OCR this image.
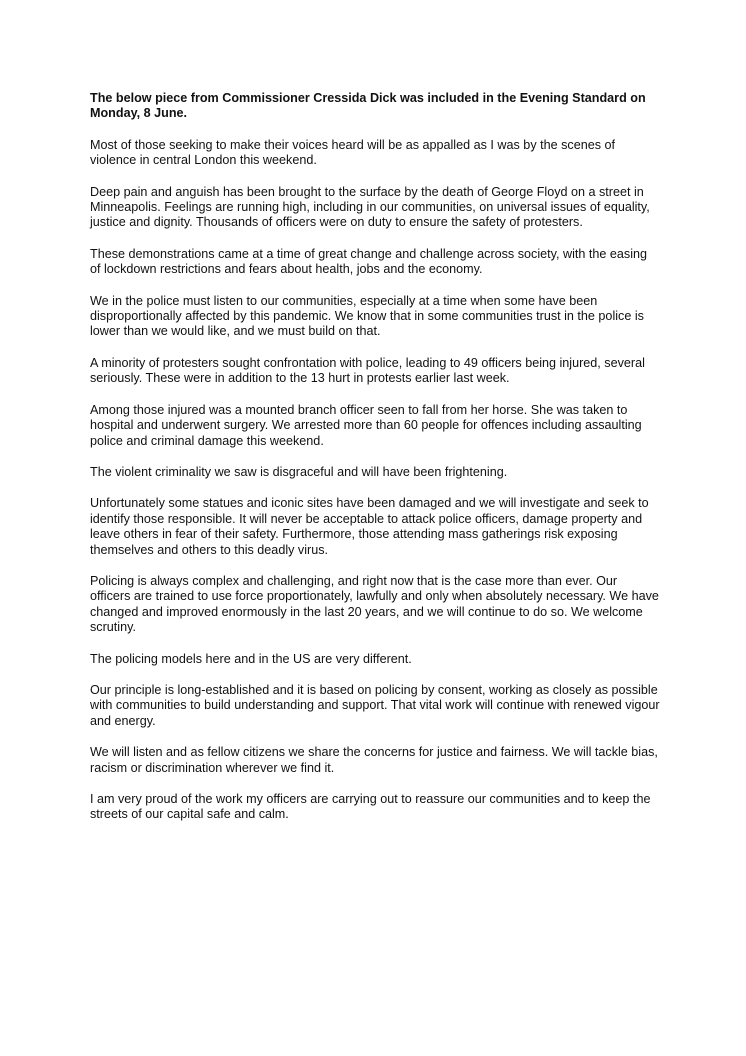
The below piece from Commissioner Cressida Dick was included in the Evening Standard on Monday, 8 June.

Most of those seeking to make their voices heard will be as appalled as I was by the scenes of violence in central London this weekend.

Deep pain and anguish has been brought to the surface by the death of George Floyd on a street in Minneapolis. Feelings are running high, including in our communities, on universal issues of equality, justice and dignity. Thousands of officers were on duty to ensure the safety of protesters.

These demonstrations came at a time of great change and challenge across society, with the easing of lockdown restrictions and fears about health, jobs and the economy.

We in the police must listen to our communities, especially at a time when some have been disproportionally affected by this pandemic. We know that in some communities trust in the police is lower than we would like, and we must build on that.

A minority of protesters sought confrontation with police, leading to 49 officers being injured, several seriously. These were in addition to the 13 hurt in protests earlier last week.

Among those injured was a mounted branch officer seen to fall from her horse. She was taken to hospital and underwent surgery. We arrested more than 60 people for offences including assaulting police and criminal damage this weekend.

The violent criminality we saw is disgraceful and will have been frightening.

Unfortunately some statues and iconic sites have been damaged and we will investigate and seek to identify those responsible. It will never be acceptable to attack police officers, damage property and leave others in fear of their safety. Furthermore, those attending mass gatherings risk exposing themselves and others to this deadly virus.

Policing is always complex and challenging, and right now that is the case more than ever. Our officers are trained to use force proportionately, lawfully and only when absolutely necessary. We have changed and improved enormously in the last 20 years, and we will continue to do so. We welcome scrutiny.

The policing models here and in the US are very different.

Our principle is long-established and it is based on policing by consent, working as closely as possible with communities to build understanding and support. That vital work will continue with renewed vigour and energy.

We will listen and as fellow citizens we share the concerns for justice and fairness. We will tackle bias, racism or discrimination wherever we find it.

I am very proud of the work my officers are carrying out to reassure our communities and to keep the streets of our capital safe and calm.
